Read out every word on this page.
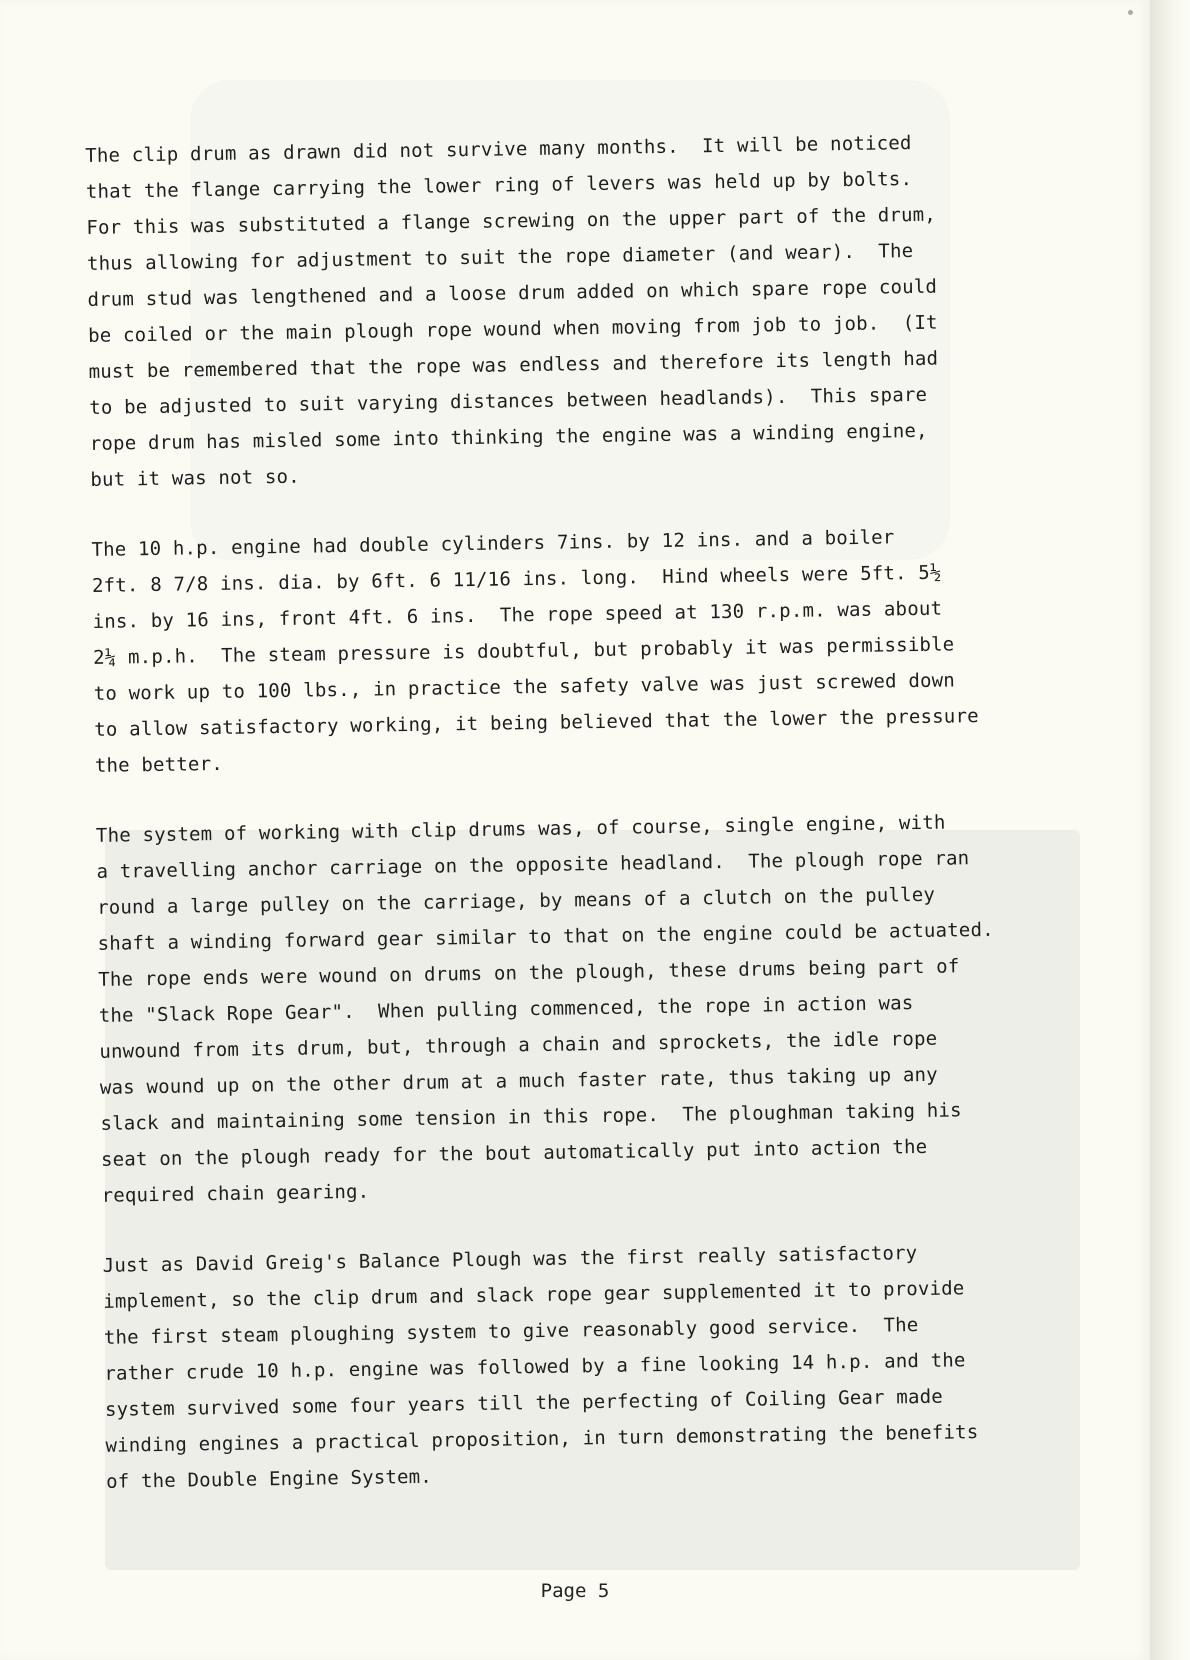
The clip drum as drawn did not survive many months.  It will be noticed
that the flange carrying the lower ring of levers was held up by bolts.
For this was substituted a flange screwing on the upper part of the drum,
thus allowing for adjustment to suit the rope diameter (and wear).  The
drum stud was lengthened and a loose drum added on which spare rope could
be coiled or the main plough rope wound when moving from job to job.  (It
must be remembered that the rope was endless and therefore its length had
to be adjusted to suit varying distances between headlands).  This spare
rope drum has misled some into thinking the engine was a winding engine,
but it was not so.
The 10 h.p. engine had double cylinders 7ins. by 12 ins. and a boiler
2ft. 8 7/8 ins. dia. by 6ft. 6 11/16 ins. long.  Hind wheels were 5ft. 5½
ins. by 16 ins, front 4ft. 6 ins.  The rope speed at 130 r.p.m. was about
2¼ m.p.h.  The steam pressure is doubtful, but probably it was permissible
to work up to 100 lbs., in practice the safety valve was just screwed down
to allow satisfactory working, it being believed that the lower the pressure
the better.
The system of working with clip drums was, of course, single engine, with
a travelling anchor carriage on the opposite headland.  The plough rope ran
round a large pulley on the carriage, by means of a clutch on the pulley
shaft a winding forward gear similar to that on the engine could be actuated.
The rope ends were wound on drums on the plough, these drums being part of
the "Slack Rope Gear".  When pulling commenced, the rope in action was
unwound from its drum, but, through a chain and sprockets, the idle rope
was wound up on the other drum at a much faster rate, thus taking up any
slack and maintaining some tension in this rope.  The ploughman taking his
seat on the plough ready for the bout automatically put into action the
required chain gearing.
Just as David Greig's Balance Plough was the first really satisfactory
implement, so the clip drum and slack rope gear supplemented it to provide
the first steam ploughing system to give reasonably good service.  The
rather crude 10 h.p. engine was followed by a fine looking 14 h.p. and the
system survived some four years till the perfecting of Coiling Gear made
winding engines a practical proposition, in turn demonstrating the benefits
of the Double Engine System.
Page 5
